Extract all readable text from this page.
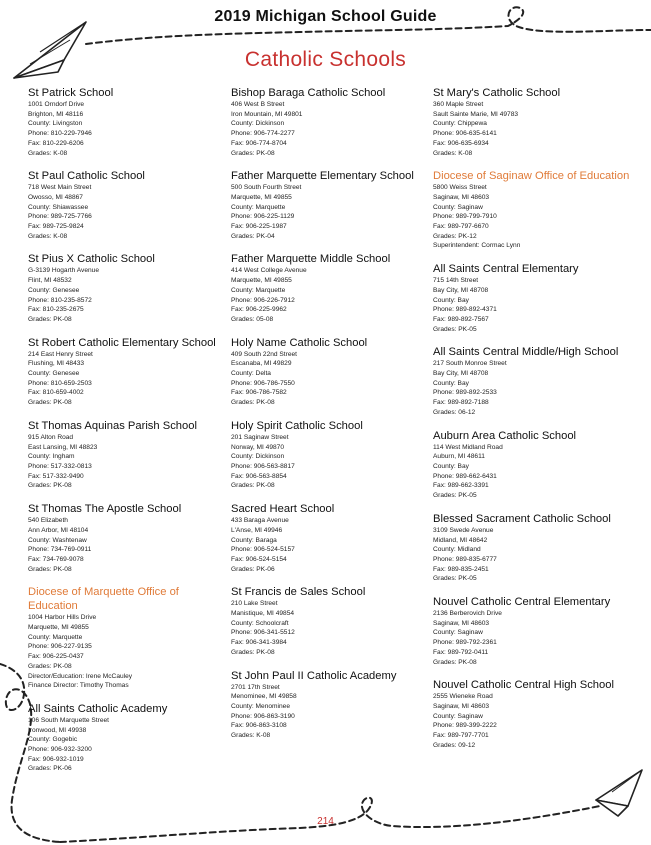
2019 Michigan School Guide
Catholic Schools
St Patrick School
1001 Orndorf Drive
Brighton, MI 48116
County: Livingston
Phone: 810-229-7946
Fax: 810-229-6206
Grades: K-08
St Paul Catholic School
718 West Main Street
Owosso, MI 48867
County: Shiawassee
Phone: 989-725-7766
Fax: 989-725-9824
Grades: K-08
St Pius X Catholic School
G-3139 Hogarth Avenue
Flint, MI 48532
County: Genesee
Phone: 810-235-8572
Fax: 810-235-2675
Grades: PK-08
St Robert Catholic Elementary School
214 East Henry Street
Flushing, MI 48433
County: Genesee
Phone: 810-659-2503
Fax: 810-659-4002
Grades: PK-08
St Thomas Aquinas Parish School
915 Alton Road
East Lansing, MI 48823
County: Ingham
Phone: 517-332-0813
Fax: 517-332-9490
Grades: PK-08
St Thomas The Apostle School
540 Elizabeth
Ann Arbor, MI 48104
County: Washtenaw
Phone: 734-769-0911
Fax: 734-769-9078
Grades: PK-08
Diocese of Marquette Office of Education
1004 Harbor Hills Drive
Marquette, MI 49855
County: Marquette
Phone: 906-227-9135
Fax: 906-225-0437
Grades: PK-08
Director/Education: Irene McCauley
Finance Director: Timothy Thomas
All Saints Catholic Academy
106 South Marquette Street
Ironwood, MI 49938
County: Gogebic
Phone: 906-932-3200
Fax: 906-932-1019
Grades: PK-06
Bishop Baraga Catholic School
406 West B Street
Iron Mountain, MI 49801
County: Dickinson
Phone: 906-774-2277
Fax: 906-774-8704
Grades: PK-08
Father Marquette Elementary School
500 South Fourth Street
Marquette, MI 49855
County: Marquette
Phone: 906-225-1129
Fax: 906-225-1987
Grades: PK-04
Father Marquette Middle School
414 West College Avenue
Marquette, MI 49855
County: Marquette
Phone: 906-226-7912
Fax: 906-225-9962
Grades: 05-08
Holy Name Catholic School
409 South 22nd Street
Escanaba, MI 49829
County: Delta
Phone: 906-786-7550
Fax: 906-786-7582
Grades: PK-08
Holy Spirit Catholic School
201 Saginaw Street
Norway, MI 49870
County: Dickinson
Phone: 906-563-8817
Fax: 906-563-8854
Grades: PK-08
Sacred Heart School
433 Baraga Avenue
L'Anse, MI 49946
County: Baraga
Phone: 906-524-5157
Fax: 906-524-5154
Grades: PK-06
St Francis de Sales School
210 Lake Street
Manistique, MI 49854
County: Schoolcraft
Phone: 906-341-5512
Fax: 906-341-3984
Grades: PK-08
St John Paul II Catholic Academy
2701 17th Street
Menominee, MI 49858
County: Menominee
Phone: 906-863-3190
Fax: 906-863-3108
Grades: K-08
St Mary's Catholic School
360 Maple Street
Sault Sainte Marie, MI 49783
County: Chippewa
Phone: 906-635-6141
Fax: 906-635-6934
Grades: K-08
Diocese of Saginaw Office of Education
5800 Weiss Street
Saginaw, MI 48603
County: Saginaw
Phone: 989-799-7910
Fax: 989-797-6670
Grades: PK-12
Superintendent: Cormac Lynn
All Saints Central Elementary
715 14th Street
Bay City, MI 48708
County: Bay
Phone: 989-892-4371
Fax: 989-892-7567
Grades: PK-05
All Saints Central Middle/High School
217 South Monroe Street
Bay City, MI 48708
County: Bay
Phone: 989-892-2533
Fax: 989-892-7188
Grades: 06-12
Auburn Area Catholic School
114 West Midland Road
Auburn, MI 48611
County: Bay
Phone: 989-662-6431
Fax: 989-662-3391
Grades: PK-05
Blessed Sacrament Catholic School
3109 Swede Avenue
Midland, MI 48642
County: Midland
Phone: 989-835-6777
Fax: 989-835-2451
Grades: PK-05
Nouvel Catholic Central Elementary
2136 Berberovich Drive
Saginaw, MI 48603
County: Saginaw
Phone: 989-792-2361
Fax: 989-792-0411
Grades: PK-08
Nouvel Catholic Central High School
2555 Wieneke Road
Saginaw, MI 48603
County: Saginaw
Phone: 989-399-2222
Fax: 989-797-7701
Grades: 09-12
214
